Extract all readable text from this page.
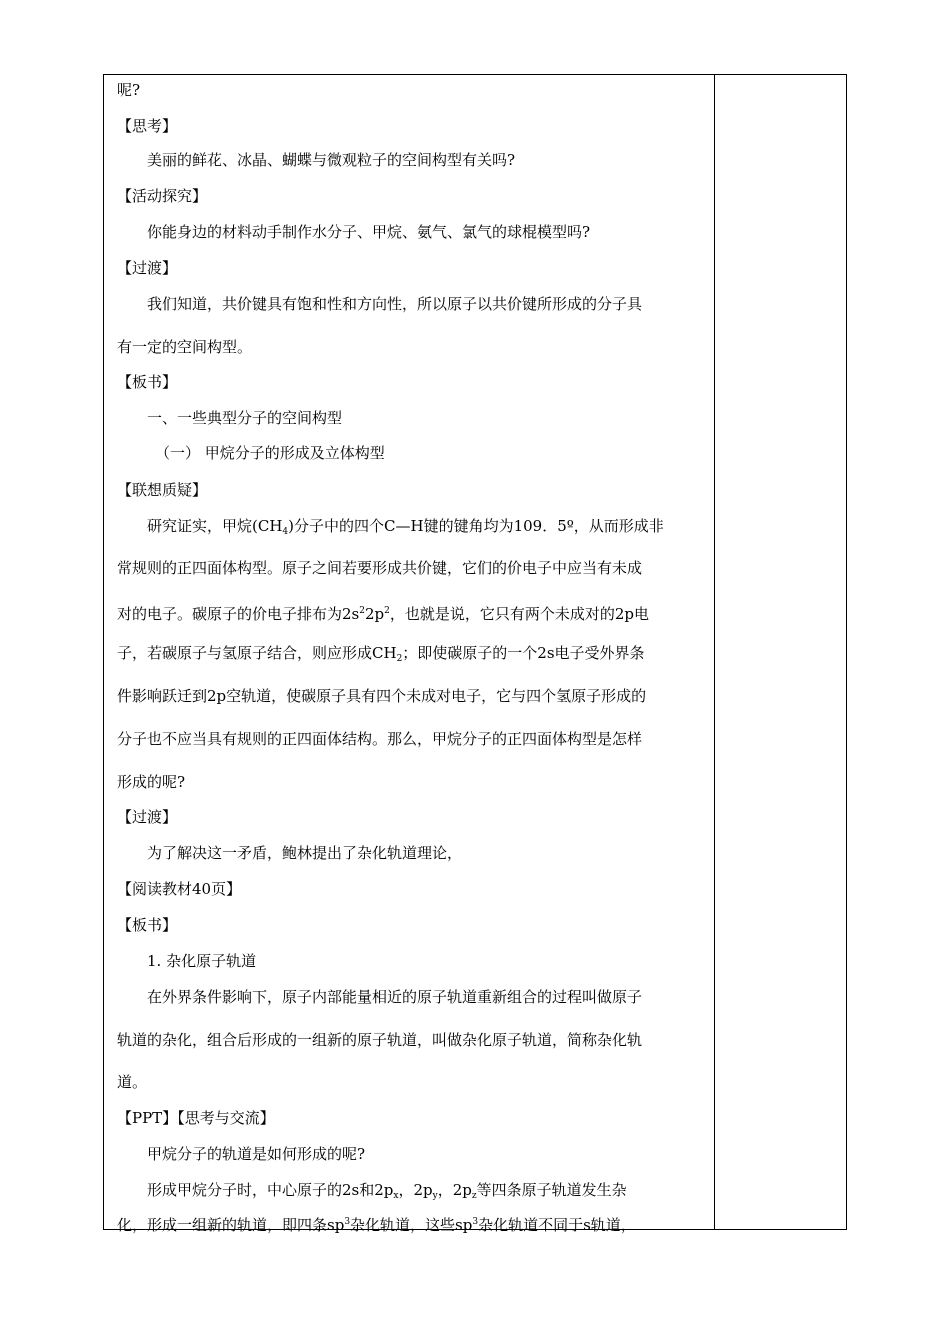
呢?
【思考】
美丽的鲜花、冰晶、蝴蝶与微观粒子的空间构型有关吗?
【活动探究】
你能身边的材料动手制作水分子、甲烷、氨气、氯气的球棍模型吗?
【过渡】
我们知道，共价键具有饱和性和方向性，所以原子以共价键所形成的分子具
有一定的空间构型。
【板书】
一、一些典型分子的空间构型
（一） 甲烷分子的形成及立体构型
【联想质疑】
研究证实，甲烷$(CH_4)$分子中的四个C—H键的键角均为109．5º，从而形成非
常规则的正四面体构型。原子之间若要形成共价键，它们的价电子中应当有未成
对的电子。碳原子的价电子排布为$2s^22p^2$，也就是说，它只有两个未成对的2p电
子，若碳原子与氢原子结合，则应形成$CH_2$；即使碳原子的一个2s电子受外界条
件影响跃迁到2p空轨道，使碳原子具有四个未成对电子，它与四个氢原子形成的
分子也不应当具有规则的正四面体结构。那么，甲烷分子的正四面体构型是怎样
形成的呢?
【过渡】
为了解决这一矛盾，鲍林提出了杂化轨道理论，
【阅读教材40页】
【板书】
1. 杂化原子轨道
在外界条件影响下，原子内部能量相近的原子轨道重新组合的过程叫做原子
轨道的杂化，组合后形成的一组新的原子轨道，叫做杂化原子轨道，简称杂化轨
道。
【PPT】【思考与交流】
甲烷分子的轨道是如何形成的呢?
形成甲烷分子时，中心原子的2s和$2p_x$，$2p_y$，$2p_z$等四条原子轨道发生杂
化，形成一组新的轨道，即四条$sp^3$杂化轨道，这些$sp^3$杂化轨道不同于s轨道，
